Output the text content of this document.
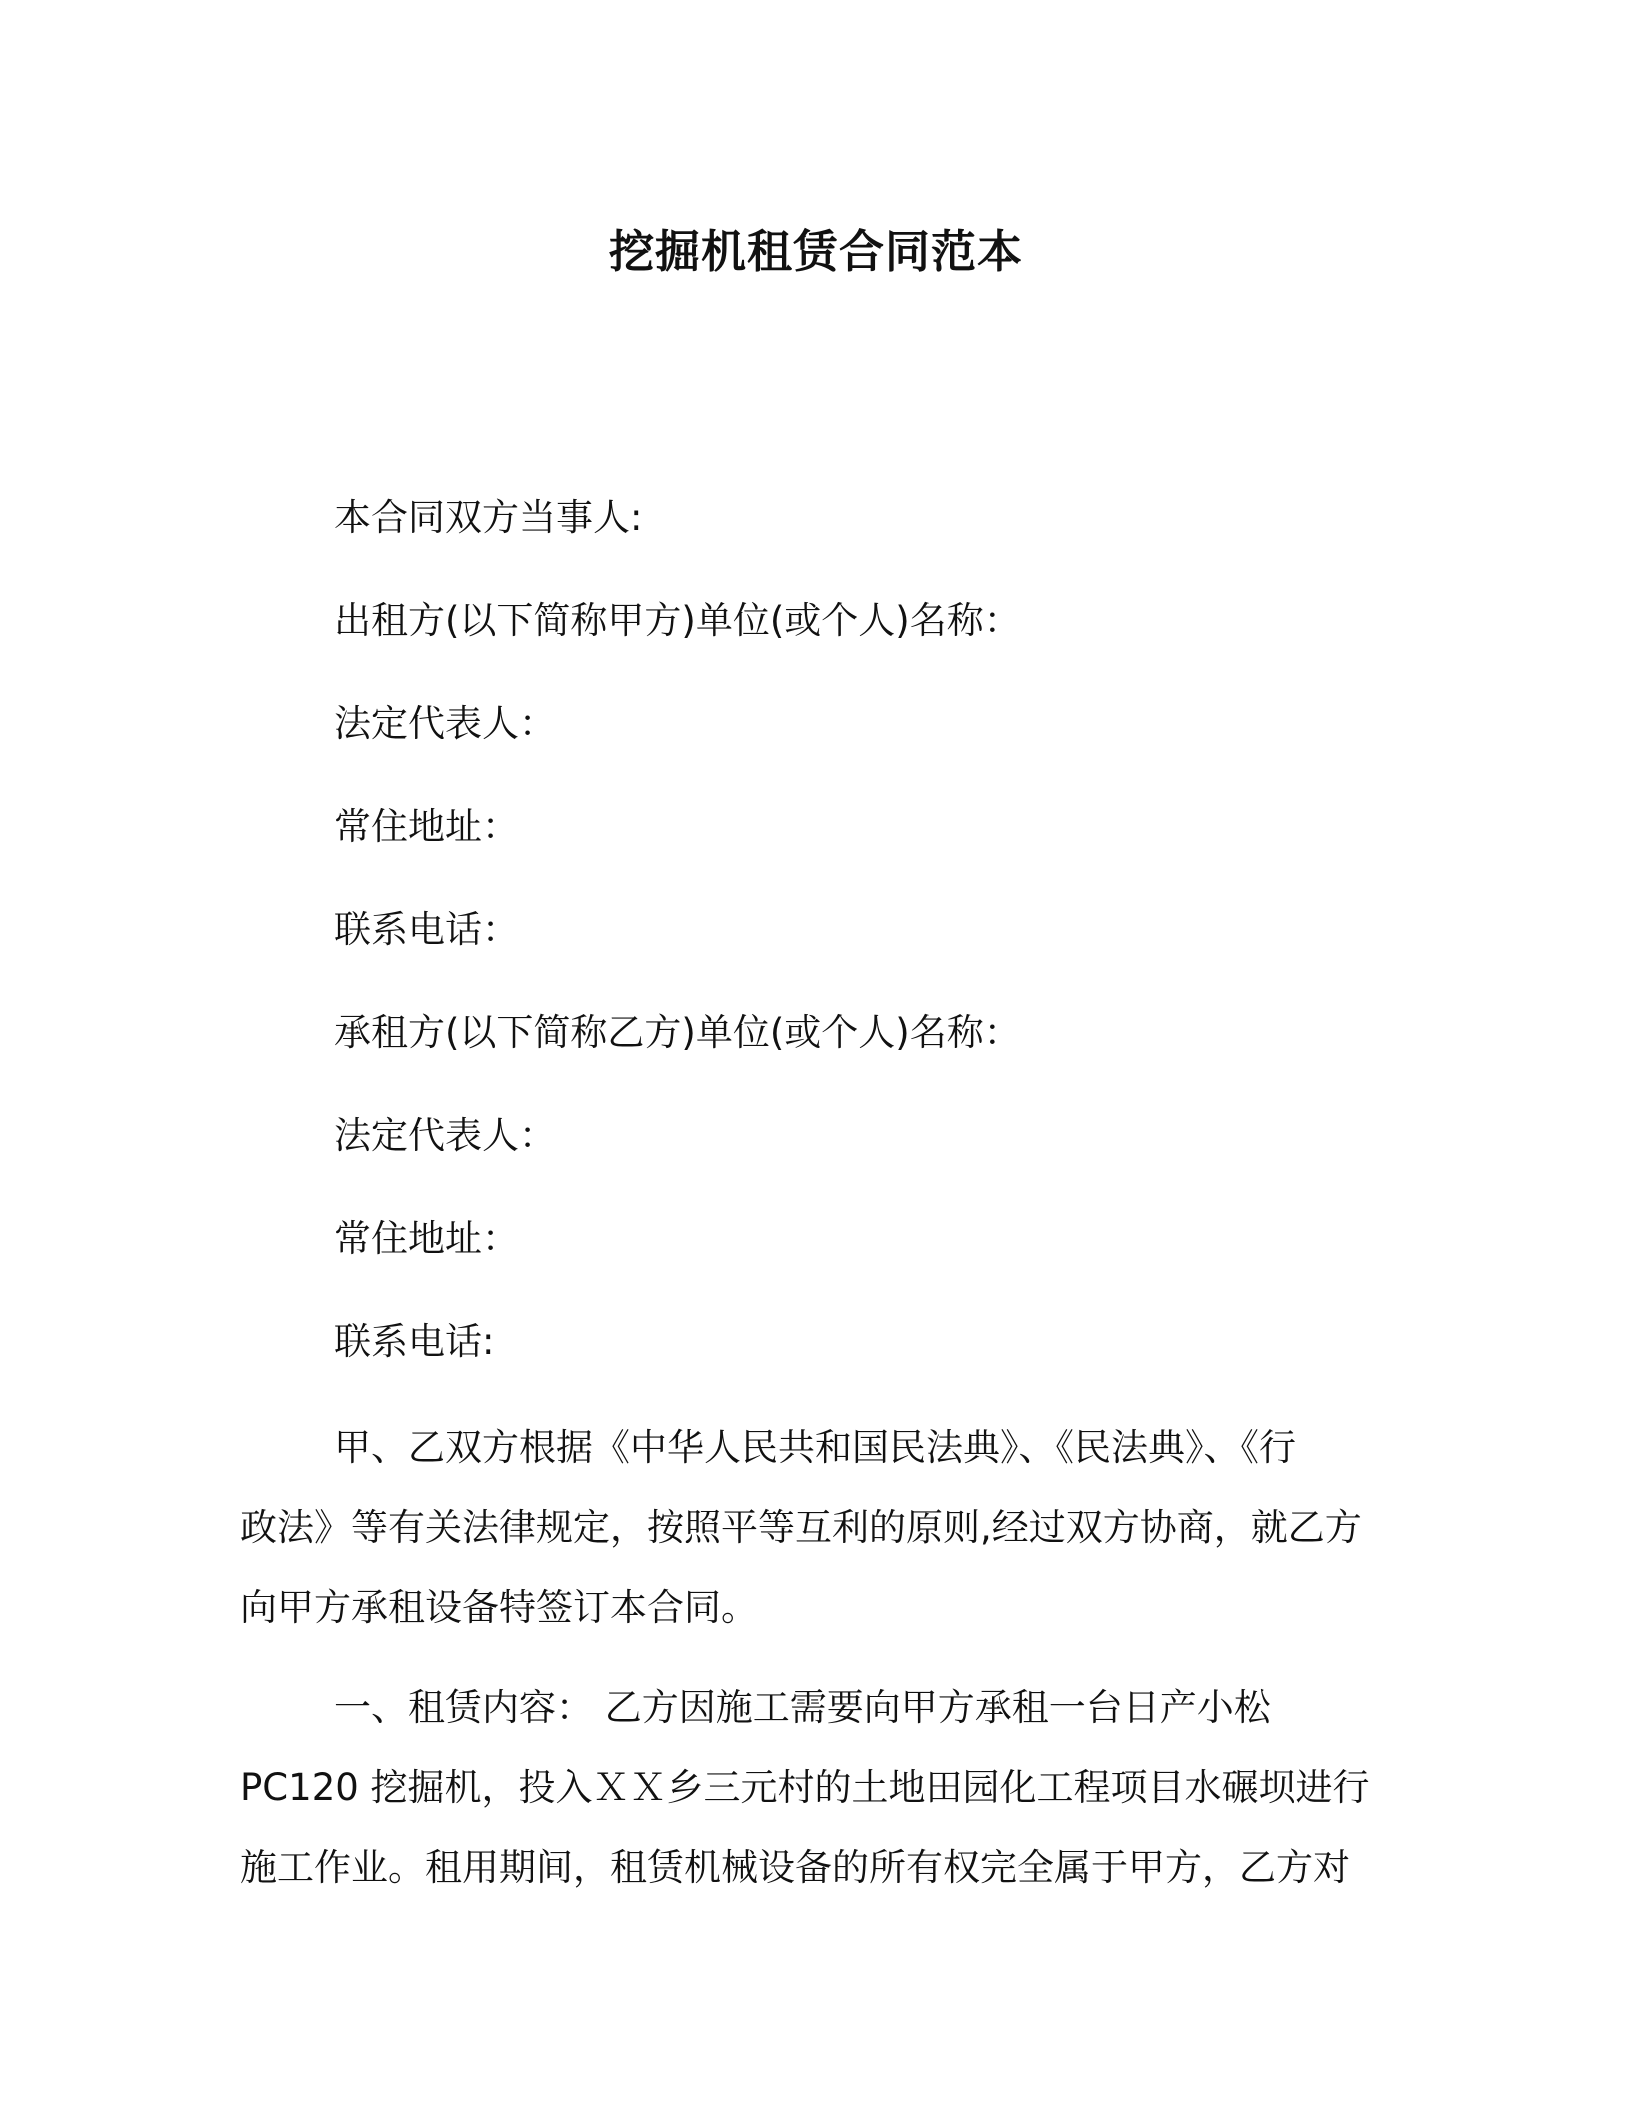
挖掘机租赁合同范本
本合同双方当事人:
出租方(以下简称甲方)单位(或个人)名称：
法定代表人：
常住地址：
联系电话：
承租方(以下简称乙方)单位(或个人)名称：
法定代表人：
常住地址：
联系电话:
甲、乙双方根据《中华人民共和国民法典》、《民法典》、《行
政法》等有关法律规定，按照平等互利的原则,经过双方协商，就乙方
向甲方承租设备特签订本合同。
一、租赁内容： 乙方因施工需要向甲方承租一台日产小松
PC120 挖掘机，投入ＸＸ乡三元村的土地田园化工程项目水碾坝进行
施工作业。租用期间，租赁机械设备的所有权完全属于甲方，乙方对
